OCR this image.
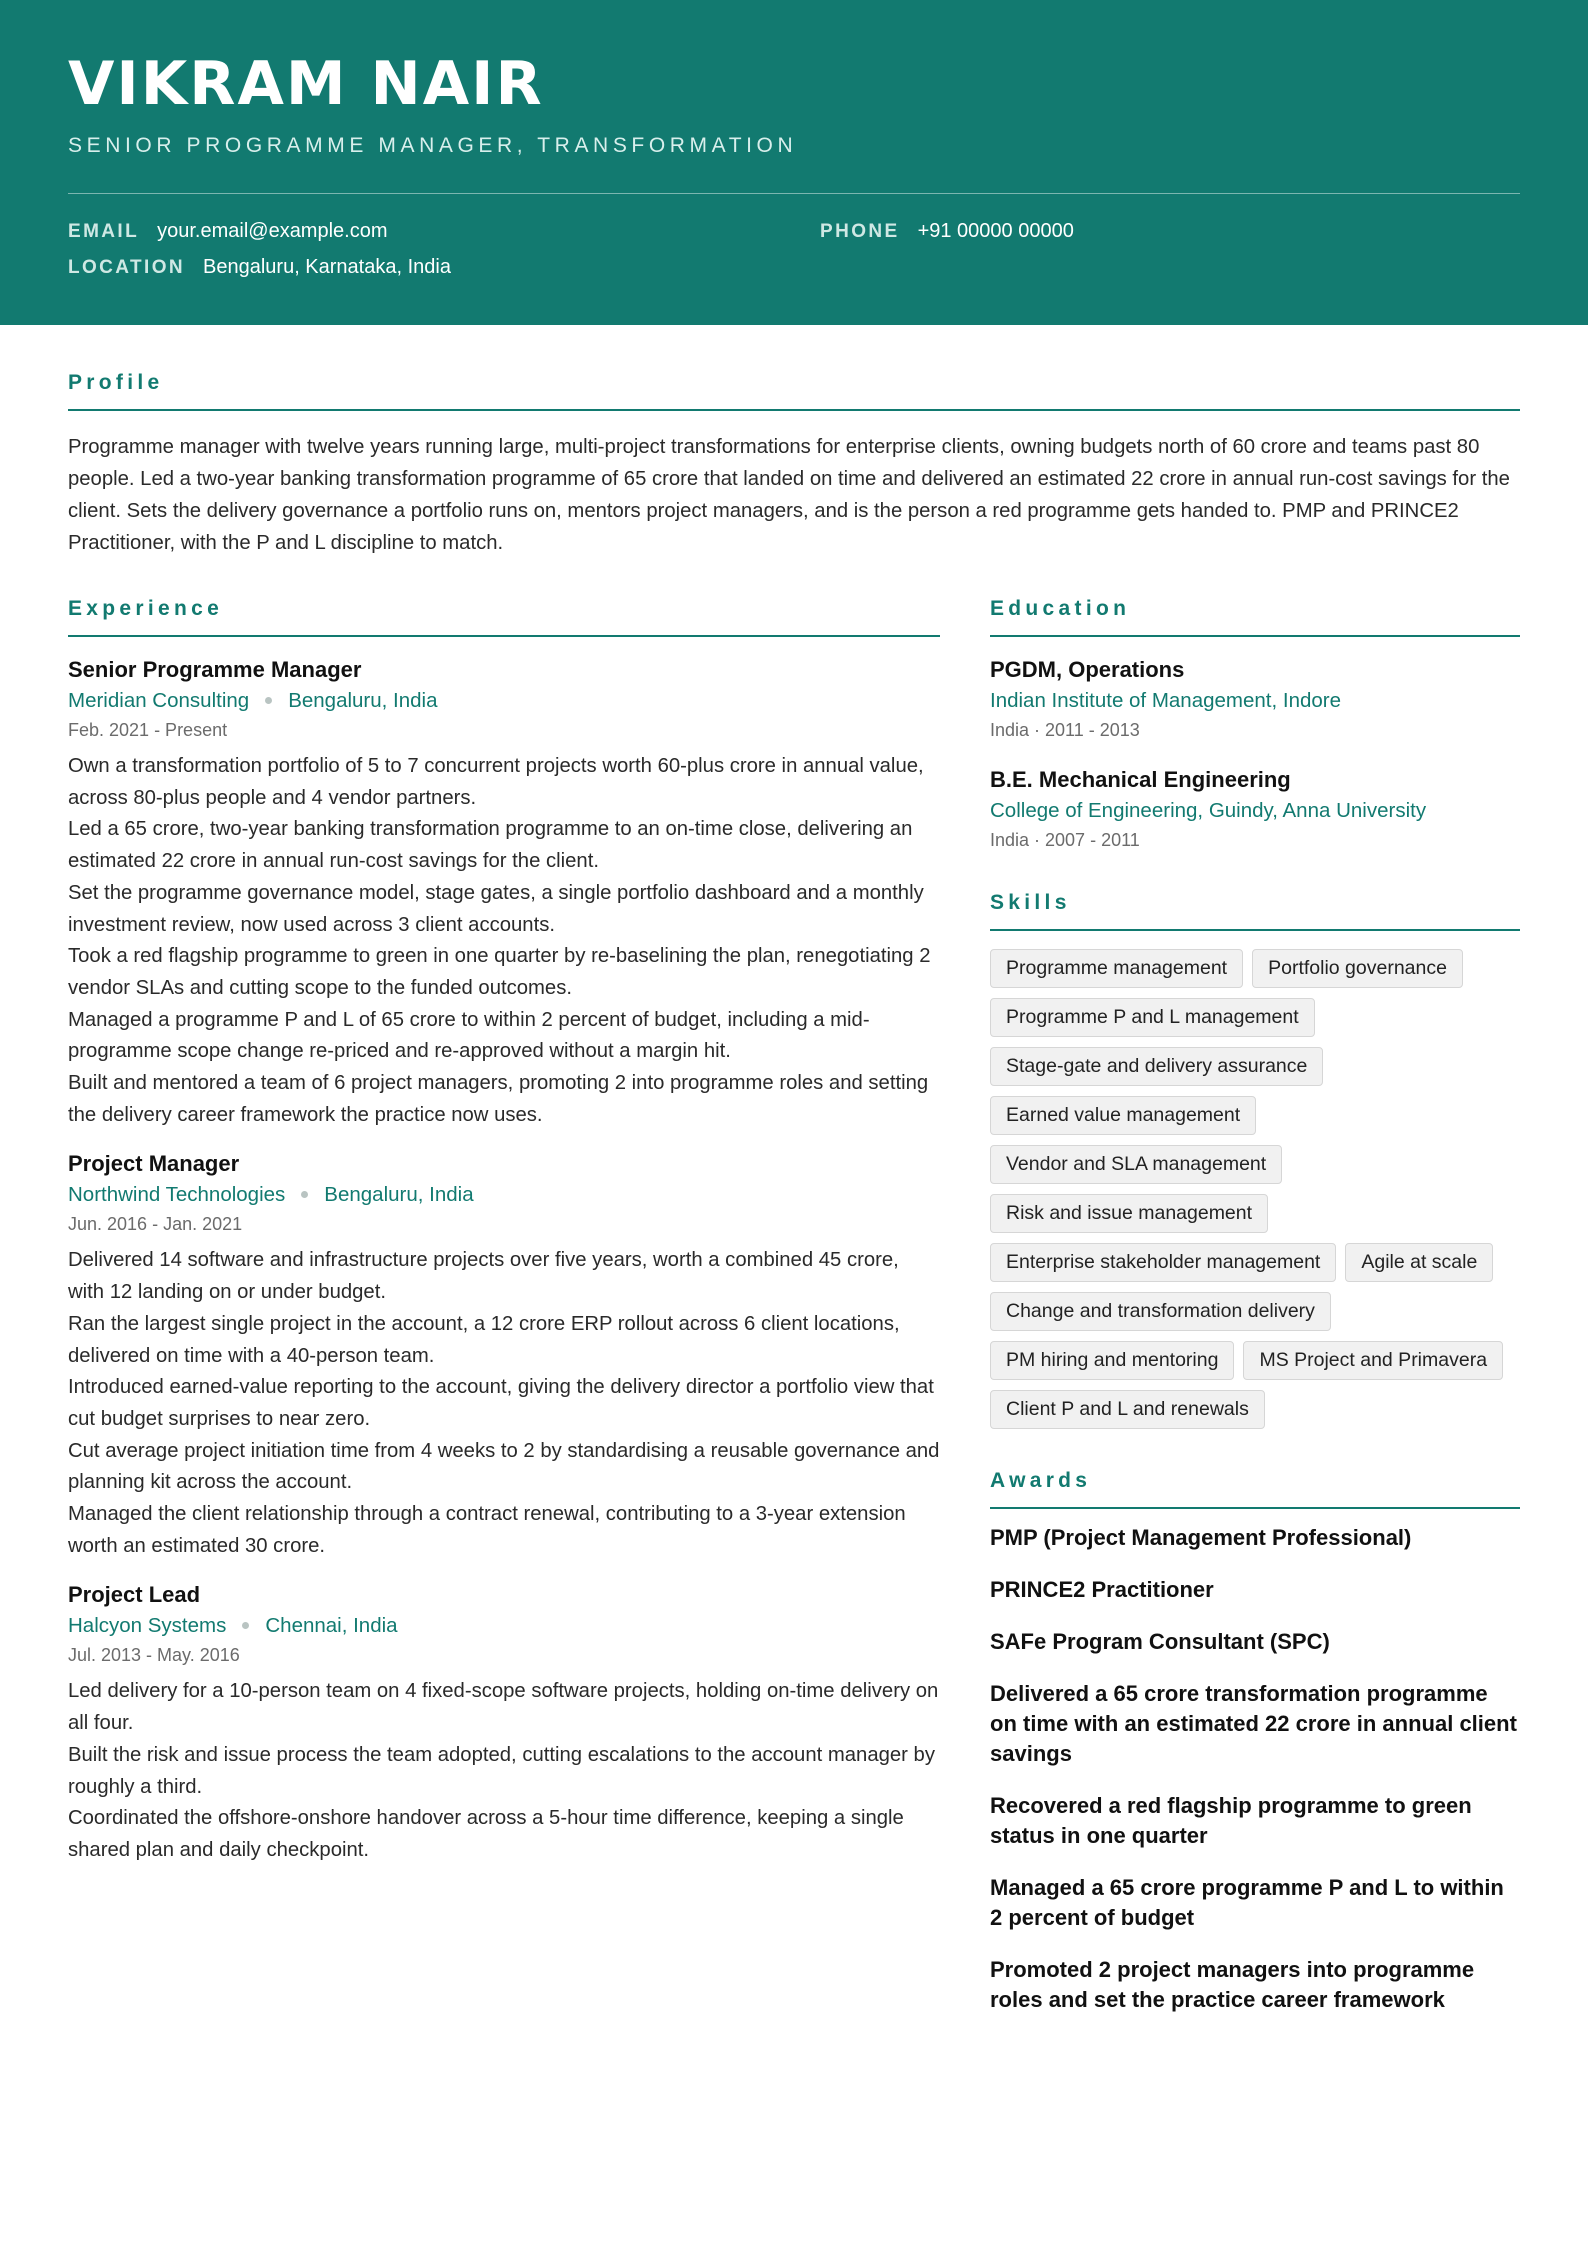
VIKRAM NAIR
SENIOR PROGRAMME MANAGER, TRANSFORMATION
EMAIL your.email@example.com	PHONE +91 00000 00000
LOCATION Bengaluru, Karnataka, India
Profile

Programme manager with twelve years running large, multi-project transformations for enterprise clients, owning budgets north of 60 crore and teams past 80 people. Led a two-year banking transformation programme of 65 crore that landed on time and delivered an estimated 22 crore in annual run-cost savings for the client. Sets the delivery governance a portfolio runs on, mentors project managers, and is the person a red programme gets handed to. PMP and PRINCE2 Practitioner, with the P and L discipline to match.

Experience
Senior Programme Manager
Meridian Consulting Bengaluru, India
Feb. 2021 - Present
Own a transformation portfolio of 5 to 7 concurrent projects worth 60-plus crore in annual value, across 80-plus people and 4 vendor partners.
Led a 65 crore, two-year banking transformation programme to an on-time close, delivering an estimated 22 crore in annual run-cost savings for the client.
Set the programme governance model, stage gates, a single portfolio dashboard and a monthly investment review, now used across 3 client accounts.
Took a red flagship programme to green in one quarter by re-baselining the plan, renegotiating 2 vendor SLAs and cutting scope to the funded outcomes.
Managed a programme P and L of 65 crore to within 2 percent of budget, including a mid-programme scope change re-priced and re-approved without a margin hit.
Built and mentored a team of 6 project managers, promoting 2 into programme roles and setting the delivery career framework the practice now uses.
Project Manager
Northwind Technologies Bengaluru, India
Jun. 2016 - Jan. 2021
Delivered 14 software and infrastructure projects over five years, worth a combined 45 crore, with 12 landing on or under budget.
Ran the largest single project in the account, a 12 crore ERP rollout across 6 client locations, delivered on time with a 40-person team.
Introduced earned-value reporting to the account, giving the delivery director a portfolio view that cut budget surprises to near zero.
Cut average project initiation time from 4 weeks to 2 by standardising a reusable governance and planning kit across the account.
Managed the client relationship through a contract renewal, contributing to a 3-year extension worth an estimated 30 crore.
Project Lead
Halcyon Systems Chennai, India
Jul. 2013 - May. 2016
Led delivery for a 10-person team on 4 fixed-scope software projects, holding on-time delivery on all four.
Built the risk and issue process the team adopted, cutting escalations to the account manager by roughly a third.
Coordinated the offshore-onshore handover across a 5-hour time difference, keeping a single shared plan and daily checkpoint.
Education
PGDM, Operations
Indian Institute of Management, Indore
India · 2011 - 2013
B.E. Mechanical Engineering
College of Engineering, Guindy, Anna University
India · 2007 - 2011
Skills
Programme management	Portfolio governance
Programme P and L management
Stage-gate and delivery assurance
Earned value management
Vendor and SLA management
Risk and issue management
Enterprise stakeholder management	Agile at scale
Change and transformation delivery
PM hiring and mentoring	MS Project and Primavera
Client P and L and renewals
Awards
PMP (Project Management Professional)
PRINCE2 Practitioner
SAFe Program Consultant (SPC)
Delivered a 65 crore transformation programme on time with an estimated 22 crore in annual client savings
Recovered a red flagship programme to green status in one quarter
Managed a 65 crore programme P and L to within 2 percent of budget
Promoted 2 project managers into programme roles and set the practice career framework
